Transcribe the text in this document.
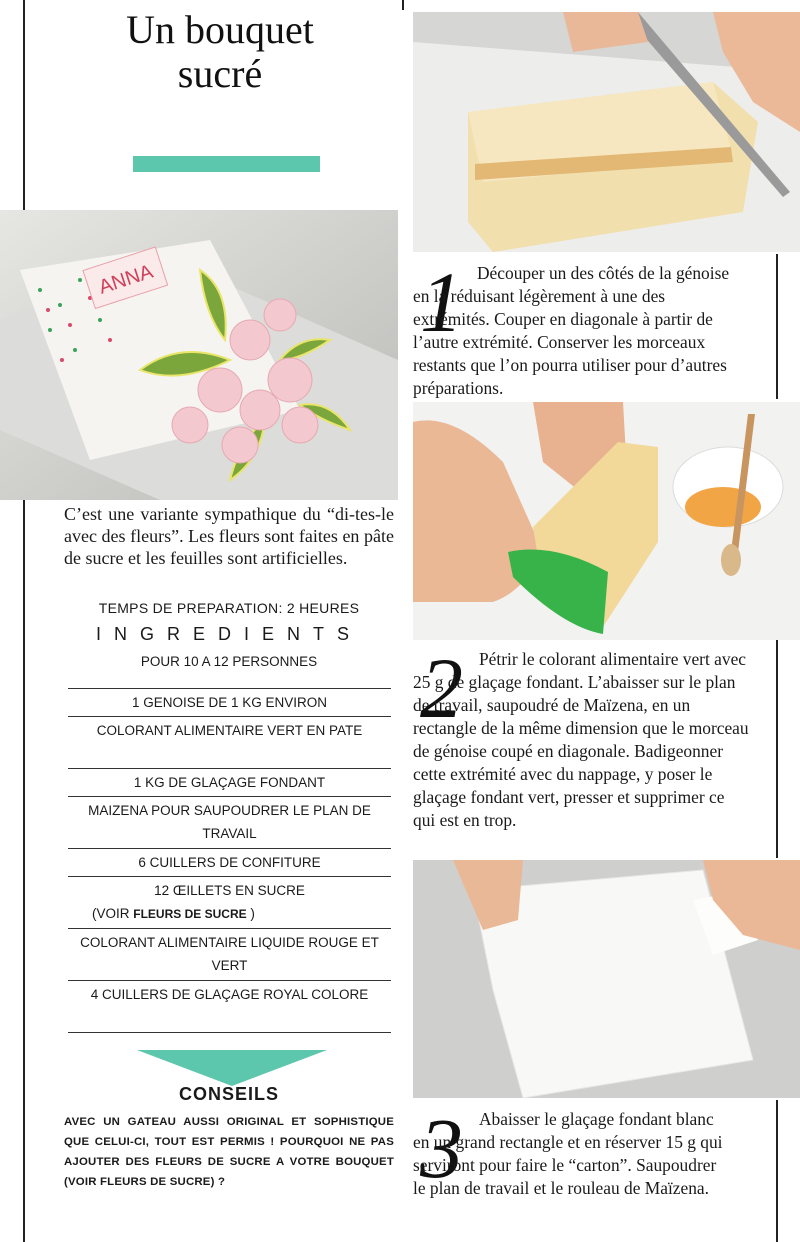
Un bouquet
sucré
ANNA
C’est une variante sympathique du “di-tes-le avec des fleurs”. Les fleurs sont faites en pâte de sucre et les feuilles sont artificielles.
TEMPS DE PREPARATION: 2 HEURES
INGREDIENTS
POUR 10 A 12 PERSONNES
1 GENOISE DE 1 KG ENVIRON
COLORANT ALIMENTAIRE VERT EN PATE
1 KG DE GLAÇAGE FONDANT
MAIZENA POUR SAUPOUDRER LE PLAN DE TRAVAIL
6 CUILLERS DE CONFITURE
12 ŒILLETS EN SUCRE
(VOIR FLEURS DE SUCRE )
COLORANT ALIMENTAIRE LIQUIDE ROUGE ET VERT
4 CUILLERS DE GLAÇAGE ROYAL COLORE
CONSEILS
AVEC UN GATEAU AUSSI ORIGINAL ET SOPHISTIQUE QUE CELUI-CI, TOUT EST PERMIS ! POURQUOI NE PAS AJOUTER DES FLEURS DE SUCRE A VOTRE BOUQUET (VOIR FLEURS DE SUCRE) ?
1 Découper un des côtés de la génoise en la réduisant légèrement à une des extrémités. Couper en diagonale à partir de l’autre extrémité. Conserver les morceaux restants que l’on pourra utiliser pour d’autres préparations.
2 Pétrir le colorant alimentaire vert avec 25 g de glaçage fondant. L’abaisser sur le plan de travail, saupoudré de Maïzena, en un rectangle de la même dimension que le morceau de génoise coupé en diagonale. Badigeonner cette extrémité avec du nappage, y poser le glaçage fondant vert, presser et supprimer ce qui est en trop.
3 Abaisser le glaçage fondant blanc en un grand rectangle et en réserver 15 g qui serviront pour faire le “carton”. Saupoudrer le plan de travail et le rouleau de Maïzena.
